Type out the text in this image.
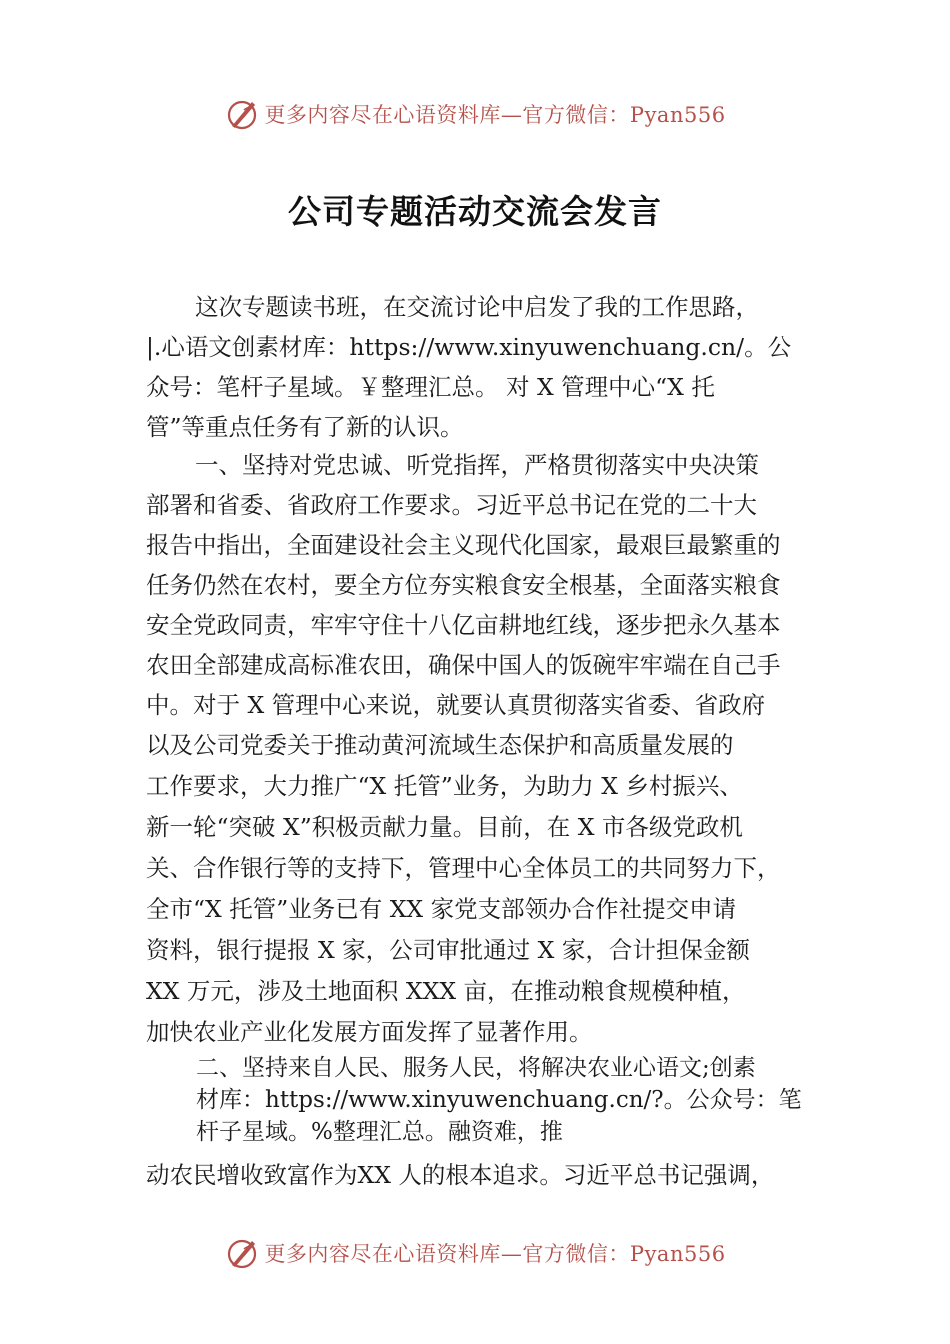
更多内容尽在心语资料库—官方微信：Pyan556
公司专题活动交流会发言
这次专题读书班，在交流讨论中启发了我的工作思路，
|.心语文创素材库：https://www.xinyuwenchuang.cn/。公
众号：笔杆子星域。￥整理汇总。 对 X 管理中心“X 托
管”等重点任务有了新的认识。
一、坚持对党忠诚、听党指挥，严格贯彻落实中央决策
部署和省委、省政府工作要求。习近平总书记在党的二十大
报告中指出，全面建设社会主义现代化国家，最艰巨最繁重的
任务仍然在农村，要全方位夯实粮食安全根基，全面落实粮食
安全党政同责，牢牢守住十八亿亩耕地红线，逐步把永久基本
农田全部建成高标准农田，确保中国人的饭碗牢牢端在自己手
中。对于 X 管理中心来说，就要认真贯彻落实省委、省政府
以及公司党委关于推动黄河流域生态保护和高质量发展的
工作要求，大力推广“X 托管”业务，为助力 X 乡村振兴、
新一轮“突破 X”积极贡献力量。目前，在 X 市各级党政机
关、合作银行等的支持下，管理中心全体员工的共同努力下，
全市“X 托管”业务已有 XX 家党支部领办合作社提交申请
资料，银行提报 X 家，公司审批通过 X 家，合计担保金额
XX 万元，涉及土地面积 XXX 亩，在推动粮食规模种植，
加快农业产业化发展方面发挥了显著作用。
二、坚持来自人民、服务人民，将解决农业心语文;创素
材库：https://www.xinyuwenchuang.cn/?。公众号：笔
杆子星域。%整理汇总。融资难，推
动农民增收致富作为XX 人的根本追求。习近平总书记强调，
更多内容尽在心语资料库—官方微信：Pyan556
